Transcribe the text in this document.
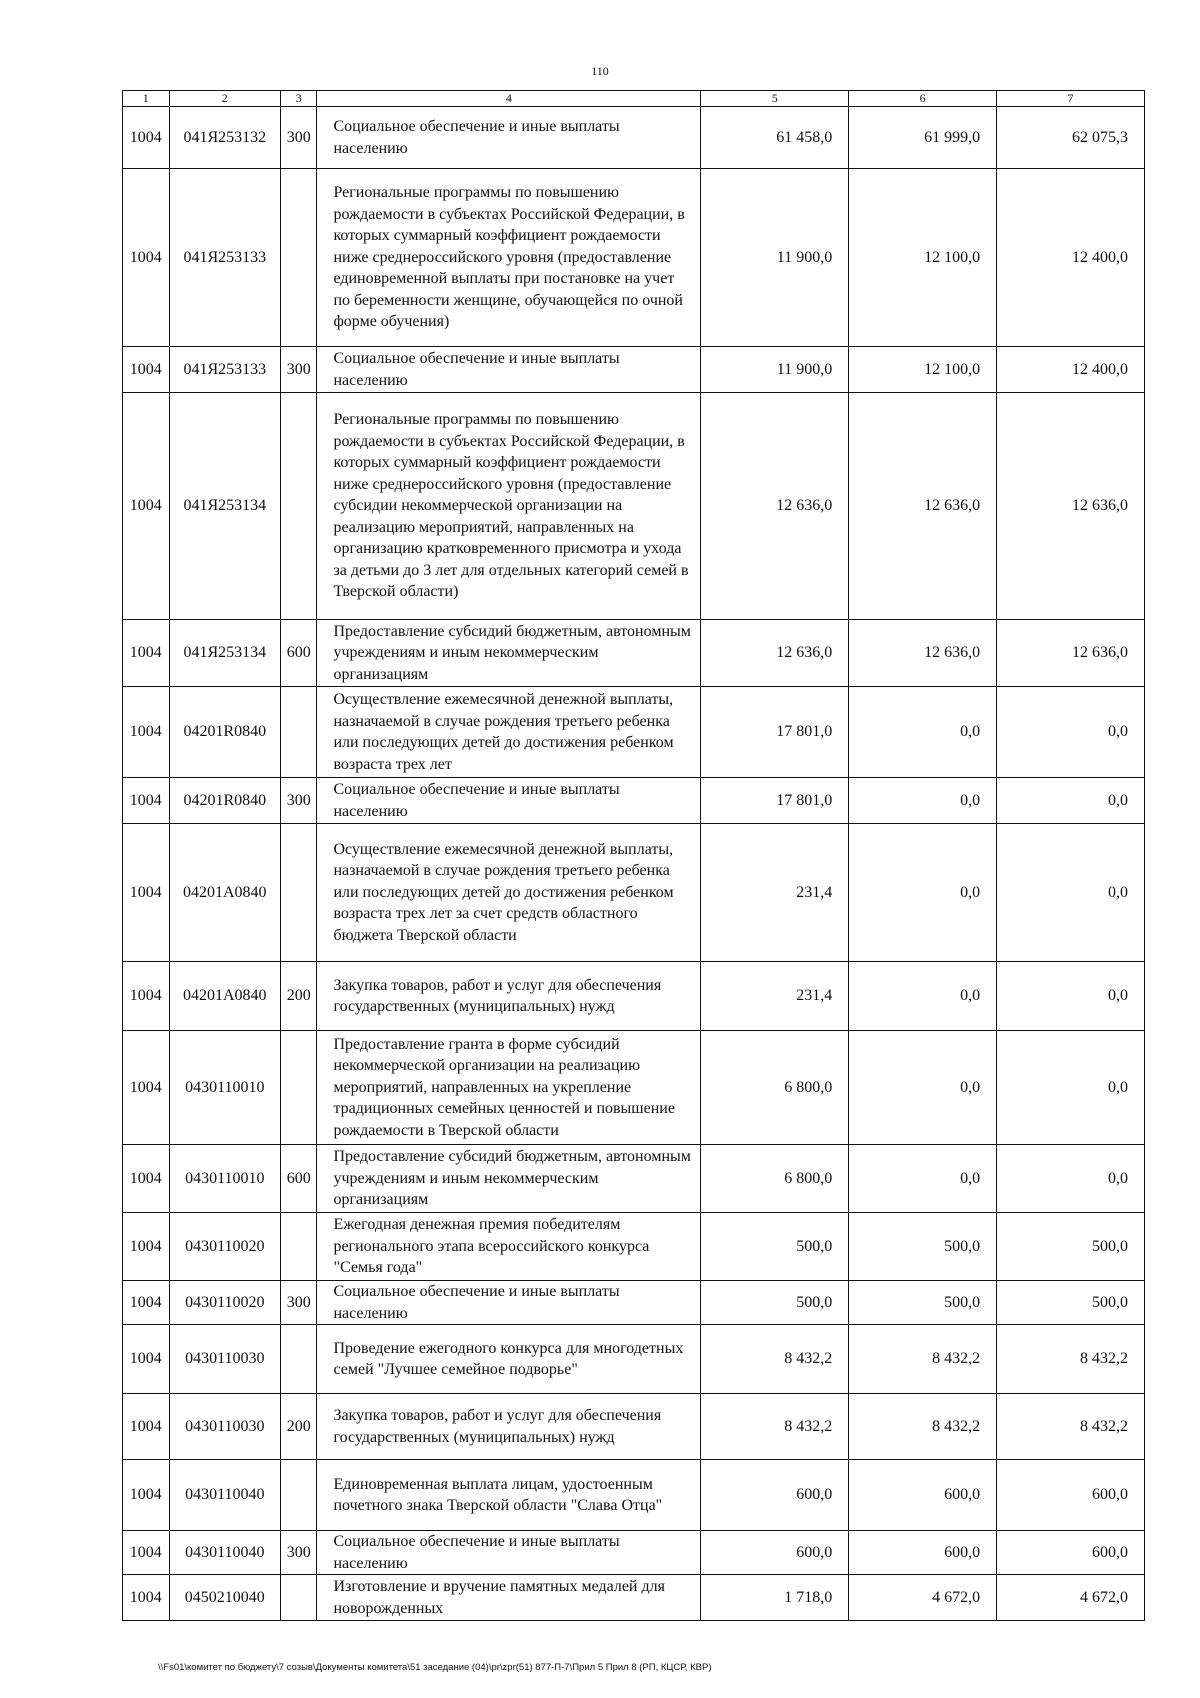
110
1	2	3	4	5	6	7
1004	041Я253132	300	Социальное обеспечение и иные выплаты населению	61 458,0	61 999,0	62 075,3
1004	041Я253133		Региональные программы по повышению рождаемости в субъектах Российской Федерации, в которых суммарный коэффициент рождаемости ниже среднероссийского уровня (предоставление единовременной выплаты при постановке на учет по беременности женщине, обучающейся по очной форме обучения)	11 900,0	12 100,0	12 400,0
1004	041Я253133	300	Социальное обеспечение и иные выплаты населению	11 900,0	12 100,0	12 400,0
1004	041Я253134		Региональные программы по повышению рождаемости в субъектах Российской Федерации, в которых суммарный коэффициент рождаемости ниже среднероссийского уровня (предоставление субсидии некоммерческой организации на реализацию мероприятий, направленных на организацию кратковременного присмотра и ухода за детьми до 3 лет для отдельных категорий семей в Тверской области)	12 636,0	12 636,0	12 636,0
1004	041Я253134	600	Предоставление субсидий бюджетным, автономным учреждениям и иным некоммерческим организациям	12 636,0	12 636,0	12 636,0
1004	04201R0840		Осуществление ежемесячной денежной выплаты, назначаемой в случае рождения третьего ребенка или последующих детей до достижения ребенком возраста трех лет	17 801,0	0,0	0,0
1004	04201R0840	300	Социальное обеспечение и иные выплаты населению	17 801,0	0,0	0,0
1004	04201A0840		Осуществление ежемесячной денежной выплаты, назначаемой в случае рождения третьего ребенка или последующих детей до достижения ребенком возраста трех лет за счет средств областного бюджета Тверской области	231,4	0,0	0,0
1004	04201A0840	200	Закупка товаров, работ и услуг для обеспечения государственных (муниципальных) нужд	231,4	0,0	0,0
1004	0430110010		Предоставление гранта в форме субсидий некоммерческой организации на реализацию мероприятий, направленных на укрепление традиционных семейных ценностей и повышение рождаемости в Тверской области	6 800,0	0,0	0,0
1004	0430110010	600	Предоставление субсидий бюджетным, автономным учреждениям и иным некоммерческим организациям	6 800,0	0,0	0,0
1004	0430110020		Ежегодная денежная премия победителям регионального этапа всероссийского конкурса "Семья года"	500,0	500,0	500,0
1004	0430110020	300	Социальное обеспечение и иные выплаты населению	500,0	500,0	500,0
1004	0430110030		Проведение ежегодного конкурса для многодетных семей "Лучшее семейное подворье"	8 432,2	8 432,2	8 432,2
1004	0430110030	200	Закупка товаров, работ и услуг для обеспечения государственных (муниципальных) нужд	8 432,2	8 432,2	8 432,2
1004	0430110040		Единовременная выплата лицам, удостоенным почетного знака Тверской области "Слава Отца"	600,0	600,0	600,0
1004	0430110040	300	Социальное обеспечение и иные выплаты населению	600,0	600,0	600,0
1004	0450210040		Изготовление и вручение памятных медалей для новорожденных	1 718,0	4 672,0	4 672,0
\\Fs01\комитет по бюджету\7 созыв\Документы комитета\51 заседание (04)\pr\zpr(51) 877-П-7\Прил 5 Прил 8 (РП, КЦСР, КВР)
